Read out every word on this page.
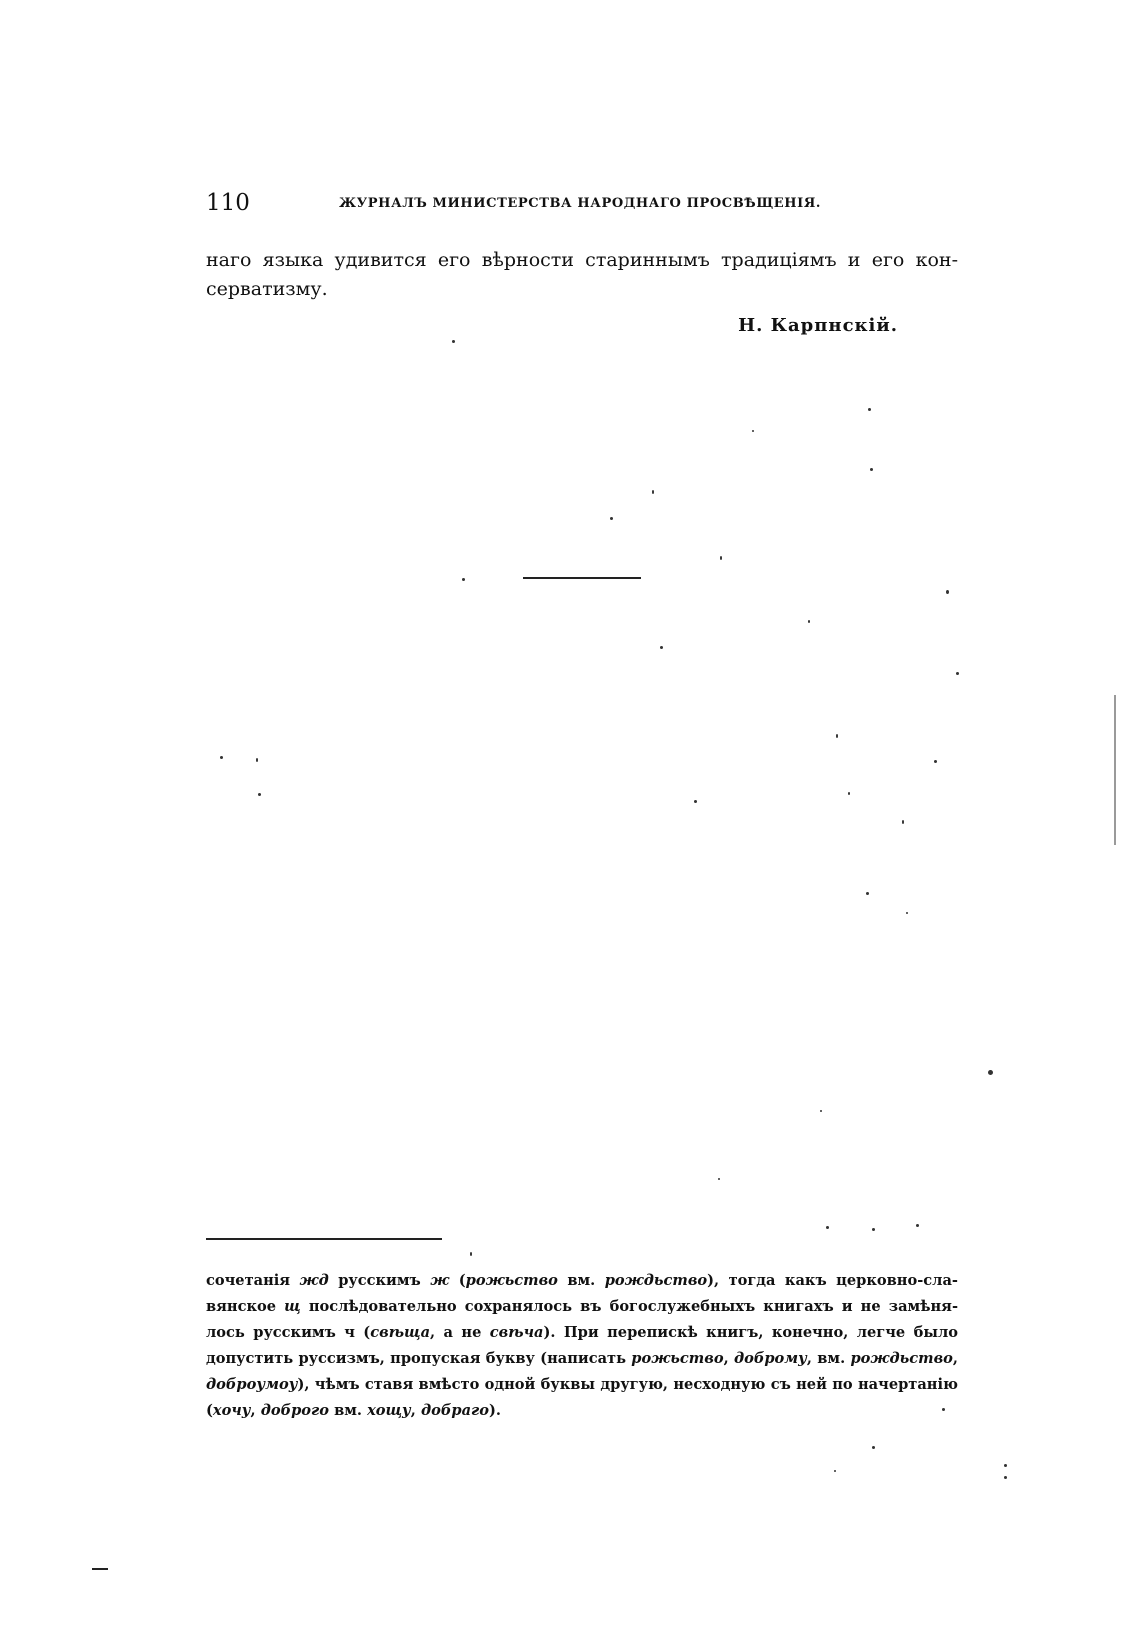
110	ЖУРНАЛЪ МИНИСТЕРСТВА НАРОДНАГО ПРОСВѢЩЕНІЯ.

наго языка удивится его вѣрности стариннымъ традиціямъ и его консерватизму.

Н. Карпнскій.

сочетанія жд русскимъ ж (рожьство вм. рождьство), тогда какъ церковно-славянское щ послѣдовательно сохранялось въ богослужебныхъ книгахъ и не замѣнялось русскимъ ч (свѣща, а не свѣча). При перепискѣ книгъ, конечно, легче было допустить руссизмъ, пропуская букву (написать рожьство, доброму, вм. рождьство, доброумоу), чѣмъ ставя вмѣсто одной буквы другую, несходную съ ней по начертанію (хочу, доброго вм. хощу, добраго).
